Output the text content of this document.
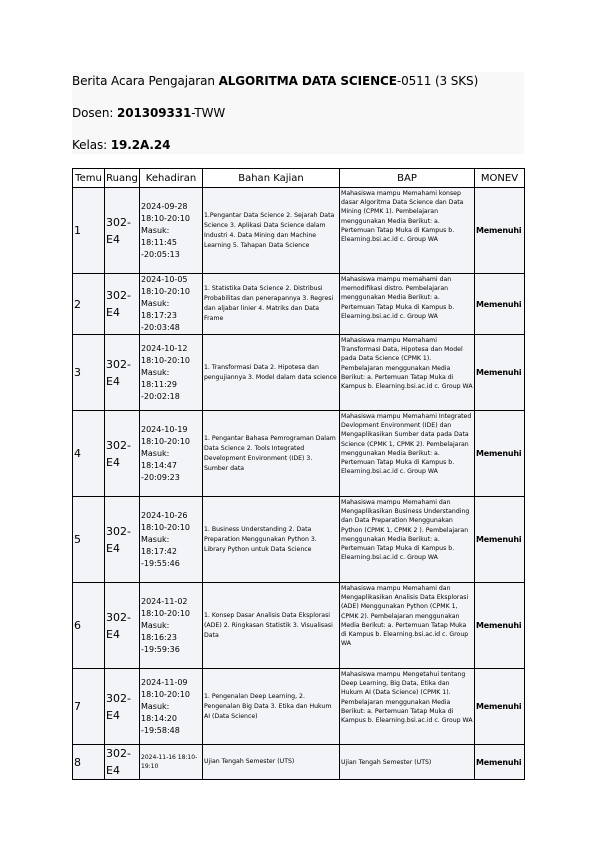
Berita Acara Pengajaran ALGORITMA DATA SCIENCE-0511 (3 SKS)
Dosen: 201309331-TWW
Kelas: 19.2A.24
Temu	Ruang	Kehadiran	Bahan Kajian	BAP	MONEV
1	302-E4	2024-09-28 18:10-20:10 Masuk: 18:11:45 -20:05:13	1.Pengantar Data Science 2. Sejarah Data Science 3. Aplikasi Data Science dalam Industri 4. Data Mining dan Machine Learning 5. Tahapan Data Science	Mahasiswa mampu Memahami konsep dasar Algoritma Data Science dan Data Mining (CPMK 1). Pembelajaran menggunakan Media Berikut: a. Pertemuan Tatap Muka di Kampus b. Elearning.bsi.ac.id c. Group WA	Memenuhi
2	302-E4	2024-10-05 18:10-20:10 Masuk: 18:17:23 -20:03:48	1. Statistika Data Science 2. Distribusi Probabilitas dan penerapannya 3. Regresi dan aljabar linier 4. Matriks dan Data Frame	Mahasiswa mampu memahami dan memodifikasi distro. Pembelajaran menggunakan Media Berikut: a. Pertemuan Tatap Muka di Kampus b. Elearning.bsi.ac.id c. Group WA	Memenuhi
3	302-E4	2024-10-12 18:10-20:10 Masuk: 18:11:29 -20:02:18	1. Transformasi Data 2. Hipotesa dan pengujiannya 3. Model dalam data science	Mahasiswa mampu Memahami Transformasi Data, Hipotesa dan Model pada Data Science (CPMK 1). Pembelajaran menggunakan Media Berikut: a. Pertemuan Tatap Muka di Kampus b. Elearning.bsi.ac.id c. Group WA	Memenuhi
4	302-E4	2024-10-19 18:10-20:10 Masuk: 18:14:47 -20:09:23	1. Pengantar Bahasa Pemrograman Dalam Data Science 2. Tools Integrated Development Environment (IDE) 3. Sumber data	Mahasiswa mampu Memahami Integrated Devlopment Environment (IDE) dan Mengaplikasikan Sumber data pada Data Science (CPMK 1, CPMK 2). Pembelajaran menggunakan Media Berikut: a. Pertemuan Tatap Muka di Kampus b. Elearning.bsi.ac.id c. Group WA	Memenuhi
5	302-E4	2024-10-26 18:10-20:10 Masuk: 18:17:42 -19:55:46	1. Business Understanding 2. Data Preparation Menggunakan Python 3. Library Python untuk Data Science	Mahasiswa mampu Memahami dan Mengaplikasikan Business Understanding dan Data Preparation Menggunakan Python (CPMK 1, CPMK 2 ). Pembelajaran menggunakan Media Berikut: a. Pertemuan Tatap Muka di Kampus b. Elearning.bsi.ac.id c. Group WA	Memenuhi
6	302-E4	2024-11-02 18:10-20:10 Masuk: 18:16:23 -19:59:36	1. Konsep Dasar Analisis Data Eksplorasi (ADE) 2. Ringkasan Statistik 3. Visualisasi Data	Mahasiswa mampu Memahami dan Mengaplikasikan Analisis Data Eksplorasi (ADE) Menggunakan Python (CPMK 1, CPMK 2). Pembelajaran menggunakan Media Berikut: a. Pertemuan Tatap Muka di Kampus b. Elearning.bsi.ac.id c. Group WA	Memenuhi
7	302-E4	2024-11-09 18:10-20:10 Masuk: 18:14:20 -19:58:48	1. Pengenalan Deep Learning, 2. Pengenalan Big Data 3. Etika dan Hukum AI (Data Science)	Mahasiswa mampu Mengetahui tentang Deep Learning, Big Data, Etika dan Hukum AI (Data Science) (CPMK 1). Pembelajaran menggunakan Media Berikut: a. Pertemuan Tatap Muka di Kampus b. Elearning.bsi.ac.id c. Group WA	Memenuhi
8	302-E4	2024-11-16 18:10-19:10	Ujian Tengah Semester (UTS)	Ujian Tengah Semester (UTS)	Memenuhi
